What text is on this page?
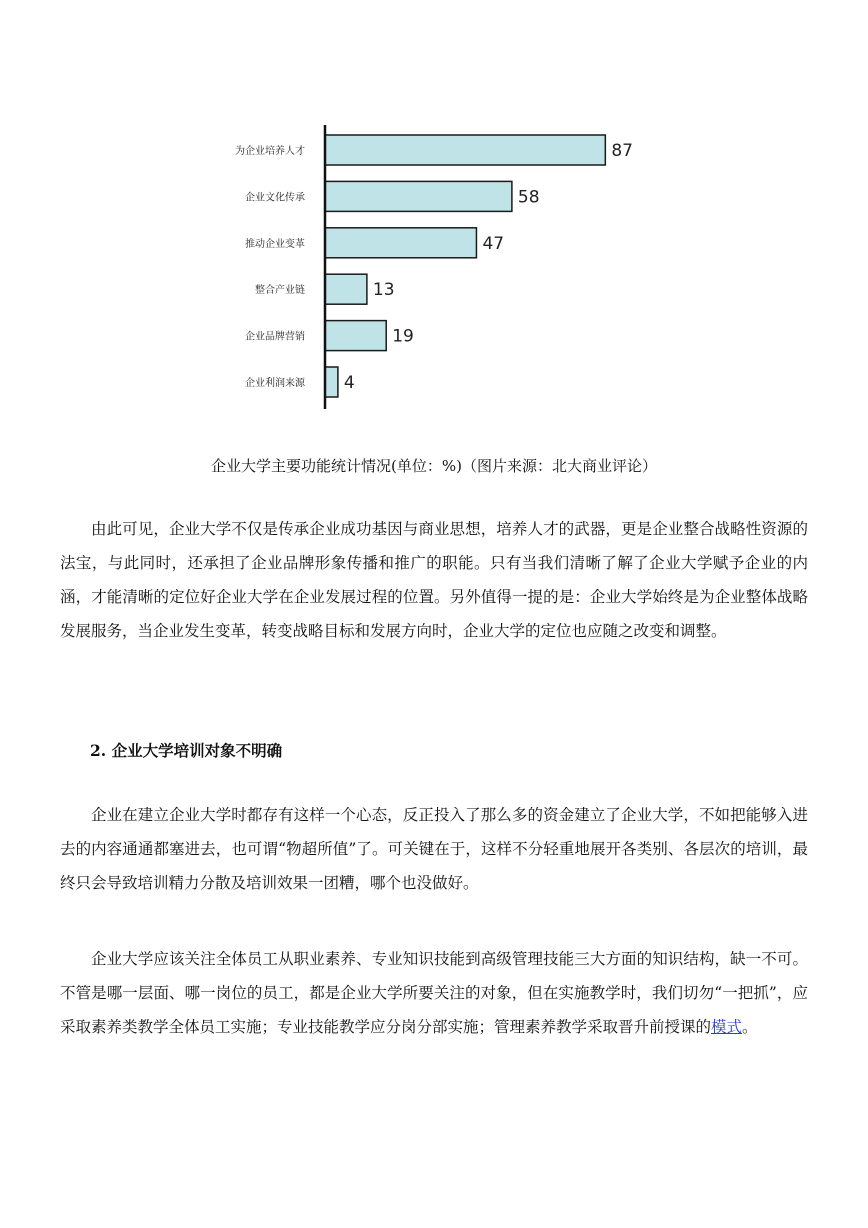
为企业培养人才	87
企业文化传承	58
推动企业变革	47
整合产业链	13
企业品牌营销	19
企业利润来源 4
企业大学主要功能统计情况(单位：%)（图片来源：北大商业评论）

由此可见，企业大学不仅是传承企业成功基因与商业思想，培养人才的武器，更是企业整合战略性资源的法宝，与此同时，还承担了企业品牌形象传播和推广的职能。只有当我们清晰了解了企业大学赋予企业的内涵，才能清晰的定位好企业大学在企业发展过程的位置。另外值得一提的是：企业大学始终是为企业整体战略发展服务，当企业发生变革，转变战略目标和发展方向时，企业大学的定位也应随之改变和调整。

2. 企业大学培训对象不明确

企业在建立企业大学时都存有这样一个心态，反正投入了那么多的资金建立了企业大学，不如把能够入进去的内容通通都塞进去，也可谓“物超所值”了。可关键在于，这样不分轻重地展开各类别、各层次的培训，最终只会导致培训精力分散及培训效果一团糟，哪个也没做好。

企业大学应该关注全体员工从职业素养、专业知识技能到高级管理技能三大方面的知识结构，缺一不可。不管是哪一层面、哪一岗位的员工，都是企业大学所要关注的对象，但在实施教学时，我们切勿“一把抓”，应采取素养类教学全体员工实施；专业技能教学应分岗分部实施；管理素养教学采取晋升前授课的模式。
